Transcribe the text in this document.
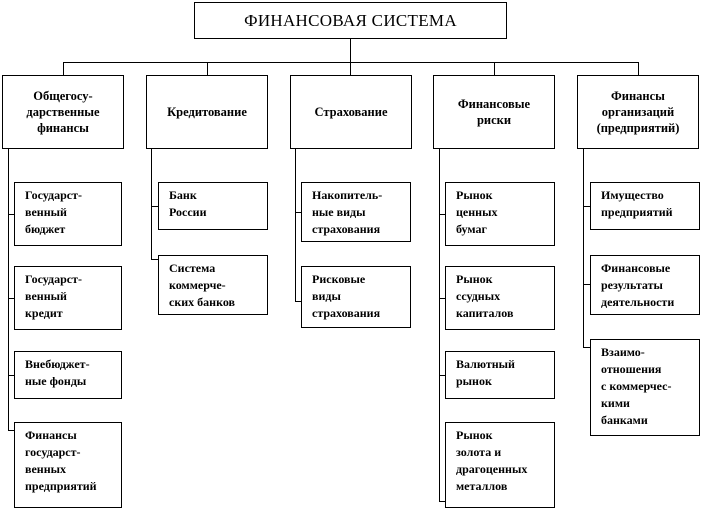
ФИНАНСОВАЯ СИСТЕМА
Общегосу-
дарственные
финансы
Кредитование	Страхование
Финансовые
риски
Финансы
организаций
(предприятий)
Государст-
венный
бюджет
Государст-
венный
кредит
Внебюджет-
ные фонды
Финансы
государст-
венных
предприятий
Банк
России
Система
коммерче-
ских банков
Накопитель-
ные виды
страхования
Рисковые
виды
страхования
Рынок
ценных
бумаг
Рынок
ссудных
капиталов
Валютный
рынок
Рынок
золота и
драгоценных
металлов
Имущество
предприятий
Финансовые
результаты
деятельности
Взаимо-
отношения
с коммерчес-
кими
банками
